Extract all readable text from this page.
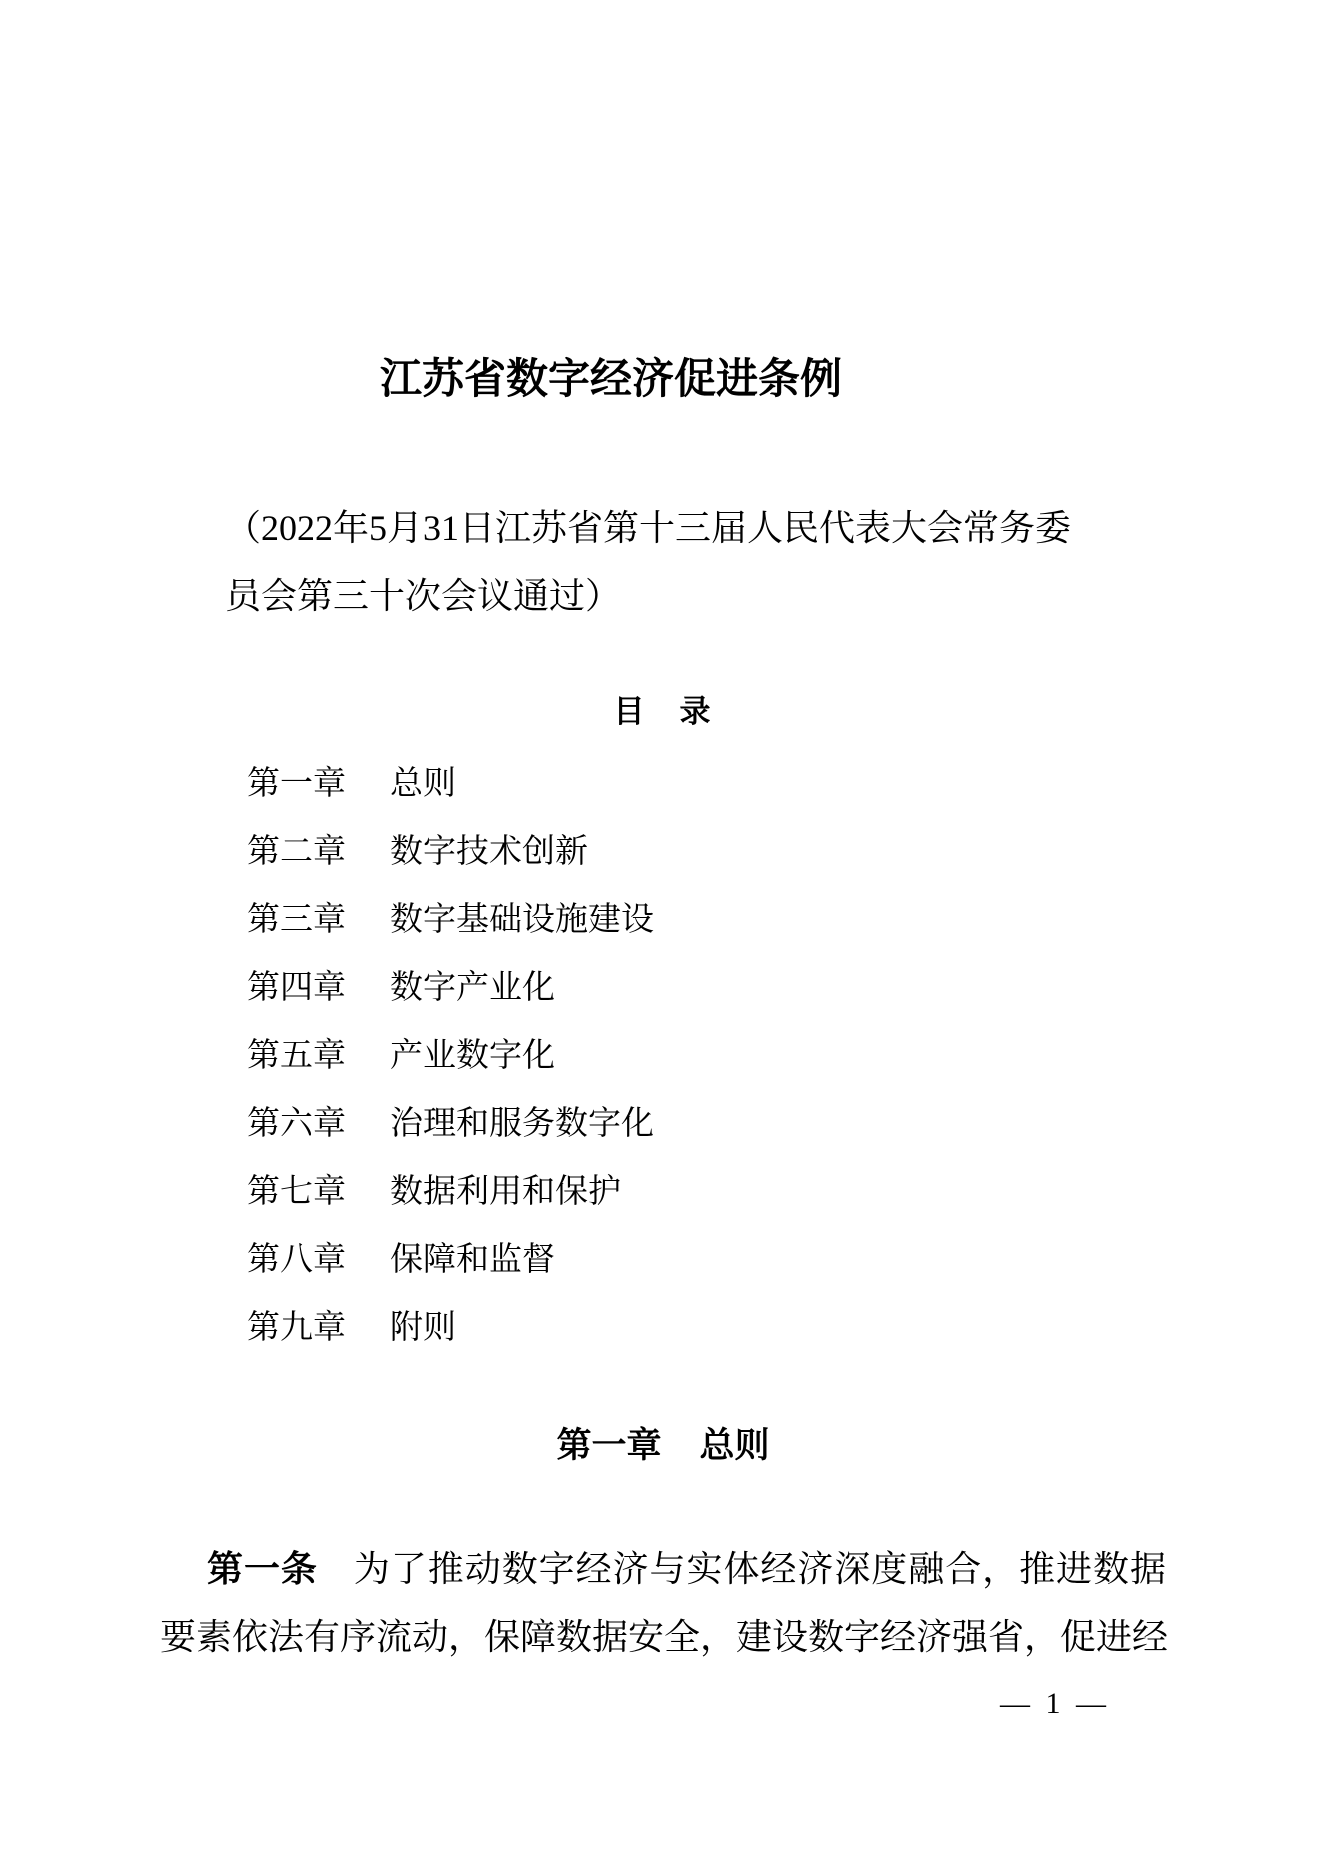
江苏省数字经济促进条例
（2022年5月31日江苏省第十三届人民代表大会常务委
员会第三十次会议通过）
目　录
第一章 总则
第二章 数字技术创新
第三章 数字基础设施建设
第四章 数字产业化
第五章 产业数字化
第六章 治理和服务数字化
第七章 数据利用和保护
第八章 保障和监督
第九章 附则
第一章 总则
第一条 为了推动数字经济与实体经济深度融合，推进数据
要素依法有序流动，保障数据安全，建设数字经济强省，促进经
— 1 —
